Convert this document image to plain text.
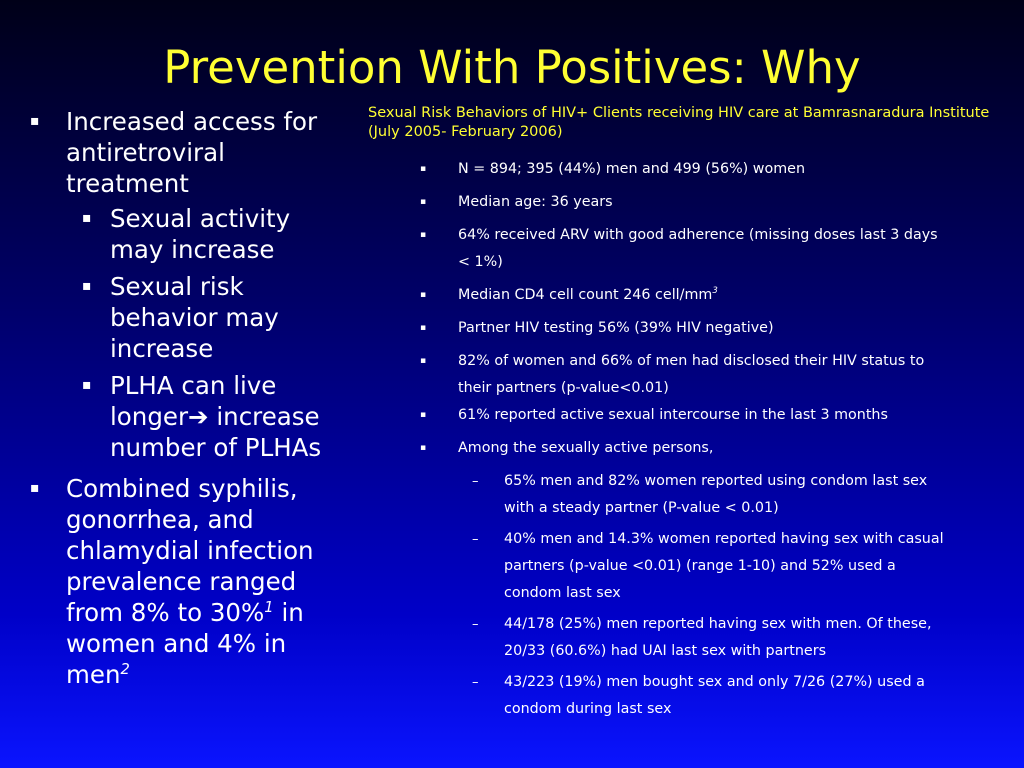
Prevention With Positives: Why
▪ Increased access for antiretroviral treatment
▪ Sexual activity may increase
▪ Sexual risk behavior may increase
▪ PLHA can live longer➔ increase number of PLHAs
▪ Combined syphilis, gonorrhea, and chlamydial infection prevalence ranged from 8% to 30%$^1$ in women and 4% in men$^2$
Sexual Risk Behaviors of HIV+ Clients receiving HIV care at Bamrasnaradura Institute (July 2005- February 2006)
▪ N = 894; 395 (44%) men and 499 (56%) women
▪ Median age: 36 years
▪ 64% received ARV with good adherence (missing doses last 3 days < 1%)
▪ Median CD4 cell count 246 cell/$mm^3$
▪ Partner HIV testing 56% (39% HIV negative)
▪ 82% of women and 66% of men had disclosed their HIV status to their partners (p-value<0.01)
▪ 61% reported active sexual intercourse in the last 3 months
▪ Among the sexually active persons,
– 65% men and 82% women reported using condom last sex with a steady partner (P-value < 0.01)
– 40% men and 14.3% women reported having sex with casual partners (p-value <0.01) (range 1-10) and 52% used a condom last sex
– 44/178 (25%) men reported having sex with men. Of these, 20/33 (60.6%) had UAI last sex with partners
– 43/223 (19%) men bought sex and only 7/26 (27%) used a condom during last sex
